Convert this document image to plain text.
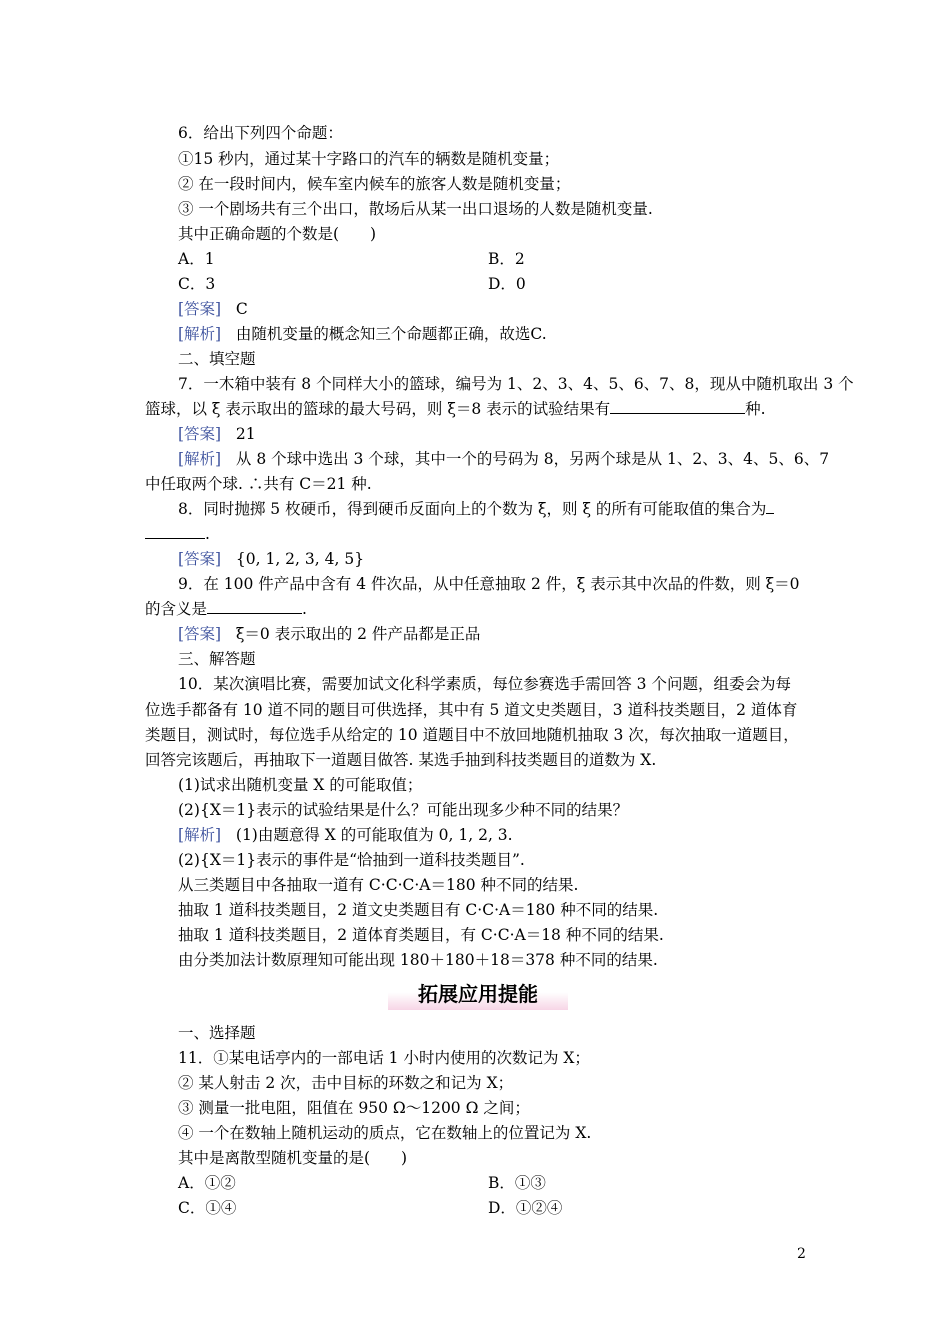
6．给出下列四个命题：
①15 秒内，通过某十字路口的汽车的辆数是随机变量；
② 在一段时间内，候车室内候车的旅客人数是随机变量；
③ 一个剧场共有三个出口，散场后从某一出口退场的人数是随机变量.
其中正确命题的个数是(　　)
A．1	B．2
C．3	D．0
[答案] C
[解析] 由随机变量的概念知三个命题都正确，故选C.
二、填空题
7．一木箱中装有 8 个同样大小的篮球，编号为 1、2、3、4、5、6、7、8，现从中随机取出 3 个
篮球，以 ξ 表示取出的篮球的最大号码，则 ξ＝8 表示的试验结果有	种.
[答案] 21
[解析] 从 8 个球中选出 3 个球，其中一个的号码为 8，另两个球是从 1、2、3、4、5、6、7
中任取两个球. ∴共有 C＝21 种.
8．同时抛掷 5 枚硬币，得到硬币反面向上的个数为 ξ，则 ξ 的所有可能取值的集合为
.
[答案] {0, 1, 2, 3, 4, 5}
9．在 100 件产品中含有 4 件次品，从中任意抽取 2 件，ξ 表示其中次品的件数，则 ξ＝0
的含义是	.
[答案] ξ＝0 表示取出的 2 件产品都是正品
三、解答题
10．某次演唱比赛，需要加试文化科学素质，每位参赛选手需回答 3 个问题，组委会为每
位选手都备有 10 道不同的题目可供选择，其中有 5 道文史类题目，3 道科技类题目，2 道体育
类题目，测试时，每位选手从给定的 10 道题目中不放回地随机抽取 3 次，每次抽取一道题目，
回答完该题后，再抽取下一道题目做答. 某选手抽到科技类题目的道数为 X.
(1)试求出随机变量 X 的可能取值；
(2){X＝1}表示的试验结果是什么？可能出现多少种不同的结果？
[解析] (1)由题意得 X 的可能取值为 0, 1, 2, 3.
(2){X＝1}表示的事件是“恰抽到一道科技类题目”.
从三类题目中各抽取一道有 C·C·C·A＝180 种不同的结果.
抽取 1 道科技类题目，2 道文史类题目有 C·C·A＝180 种不同的结果.
抽取 1 道科技类题目，2 道体育类题目，有 C·C·A＝18 种不同的结果.
由分类加法计数原理知可能出现 180＋180＋18＝378 种不同的结果.
拓展应用提能
一、选择题
11．①某电话亭内的一部电话 1 小时内使用的次数记为 X；
② 某人射击 2 次，击中目标的环数之和记为 X；
③ 测量一批电阻，阻值在 950 Ω～1200 Ω 之间；
④ 一个在数轴上随机运动的质点，它在数轴上的位置记为 X.
其中是离散型随机变量的是(　　)
A．①②	B．①③
C．①④	D．①②④
2
